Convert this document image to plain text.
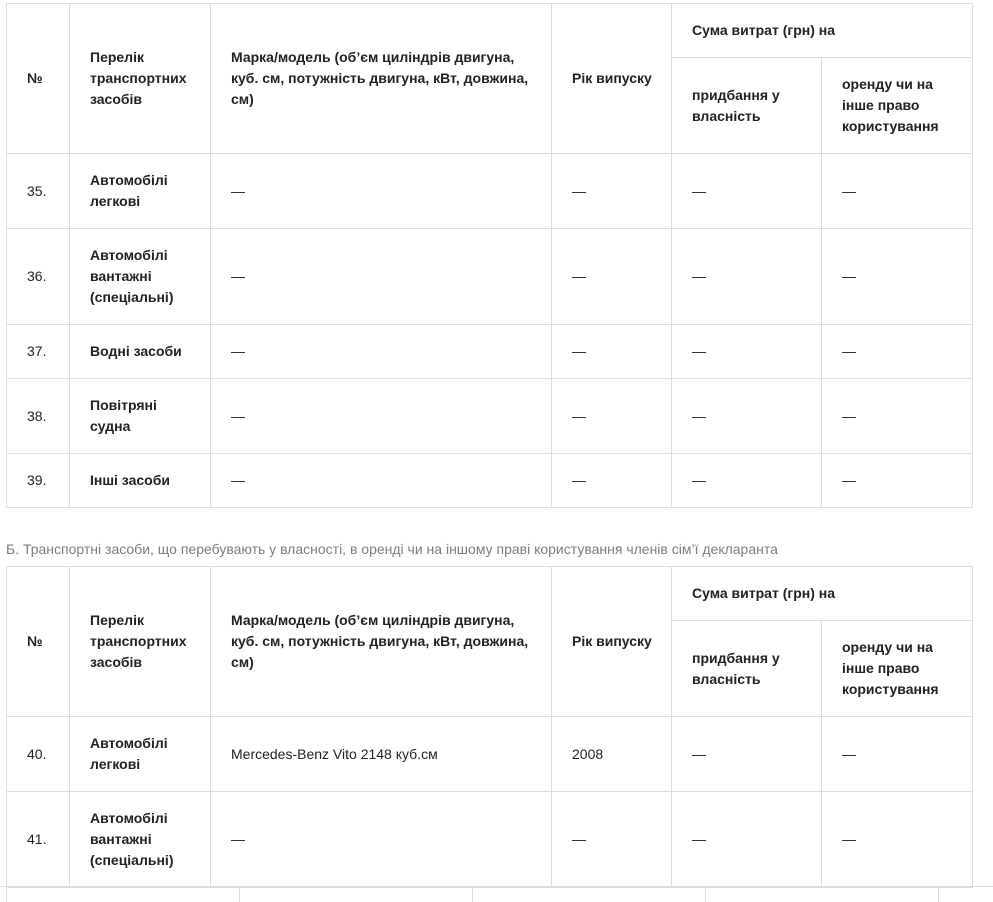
№	Перелік транспортних засобів	Марка/модель (об’єм циліндрів двигуна, куб. см, потужність двигуна, кВт, довжина, см)	Рік випуску	Сума витрат (грн) на	
				придбання у власність	оренду чи на інше право користування
35.	Автомобілі легкові	—	—	—	—
36.	Автомобілі вантажні (спеціальні)	—	—	—	—
37.	Водні засоби	—	—	—	—
38.	Повітряні судна	—	—	—	—
39.	Інші засоби	—	—	—	—
Б. Транспортні засоби, що перебувають у власності, в оренді чи на іншому праві користування членів сім’ї декларанта
№	Перелік транспортних засобів	Марка/модель (об’єм циліндрів двигуна, куб. см, потужність двигуна, кВт, довжина, см)	Рік випуску	Сума витрат (грн) на	
				придбання у власність	оренду чи на інше право користування
40.	Автомобілі легкові	Mercedes-Benz Vito 2148 куб.см	2008	—	—
41.	Автомобілі вантажні (спеціальні)	—	—	—	—
